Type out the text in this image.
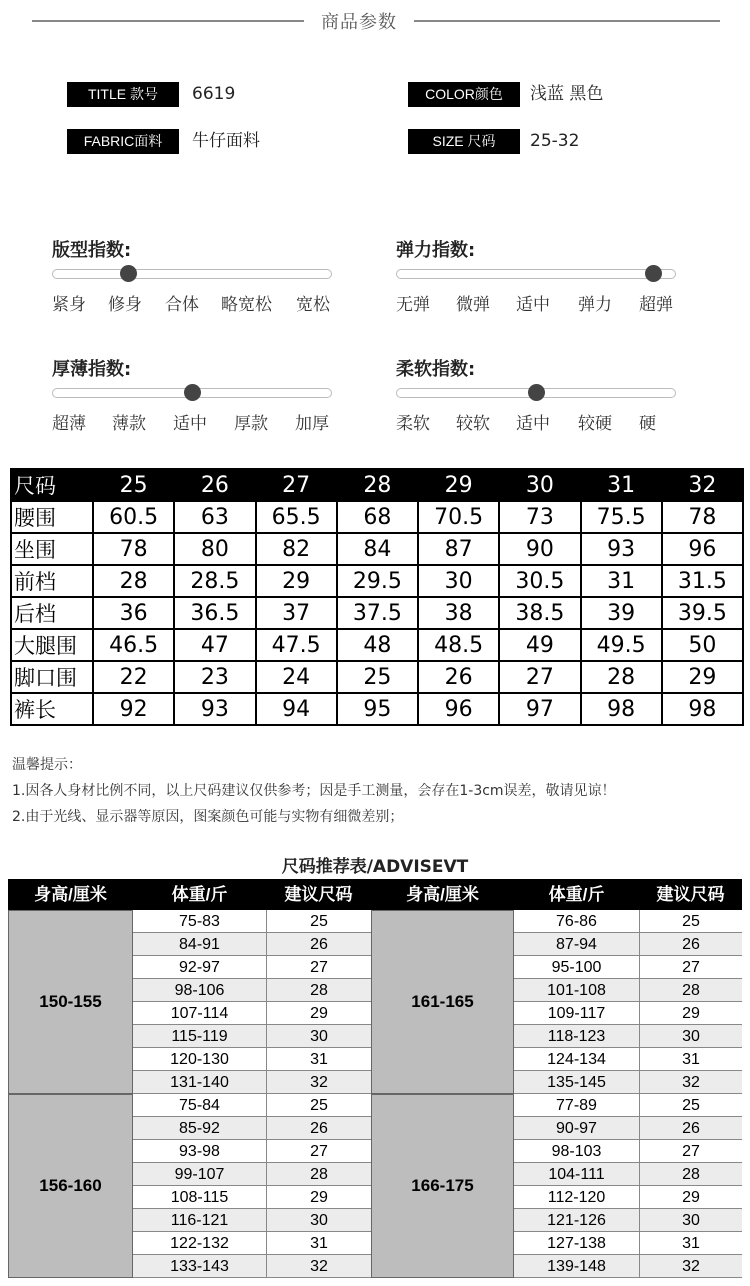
商品参数
TITLE 款号	6619	COLOR颜色	浅蓝 黑色
FABRIC面料	牛仔面料	SIZE 尺码	25-32
版型指数:
紧身 修身 合体 略宽松 宽松
弹力指数:
无弹 微弹 适中 弹力 超弹
厚薄指数:
超薄 薄款 适中 厚款 加厚
柔软指数:
柔软 较软 适中 较硬 硬
尺码	25	26	27	28	29	30	31	32
腰围	60.5	63	65.5	68	70.5	73	75.5	78
坐围	78	80	82	84	87	90	93	96
前档	28	28.5	29	29.5	30	30.5	31	31.5
后档	36	36.5	37	37.5	38	38.5	39	39.5
大腿围	46.5	47	47.5	48	48.5	49	49.5	50
脚口围	22	23	24	25	26	27	28	29
裤长	92	93	94	95	96	97	98	98
温馨提示：
1.因各人身材比例不同，以上尺码建议仅供参考；因是手工测量，会存在1-3cm误差，敬请见谅！
2.由于光线、显示器等原因，图案颜色可能与实物有细微差别；
尺码推荐表/ADVISEVT
身高/厘米	体重/斤	建议尺码	身高/厘米	体重/斤	建议尺码
150-155
75-83	25
84-91	26
92-97	27
98-106	28
107-114	29
115-119	30
120-130	31
131-140	32
161-165
76-86	25
87-94	26
95-100	27
101-108	28
109-117	29
118-123	30
124-134	31
135-145	32
156-160
75-84	25
85-92	26
93-98	27
99-107	28
108-115	29
116-121	30
122-132	31
133-143	32
166-175
77-89	25
90-97	26
98-103	27
104-111	28
112-120	29
121-126	30
127-138	31
139-148	32
